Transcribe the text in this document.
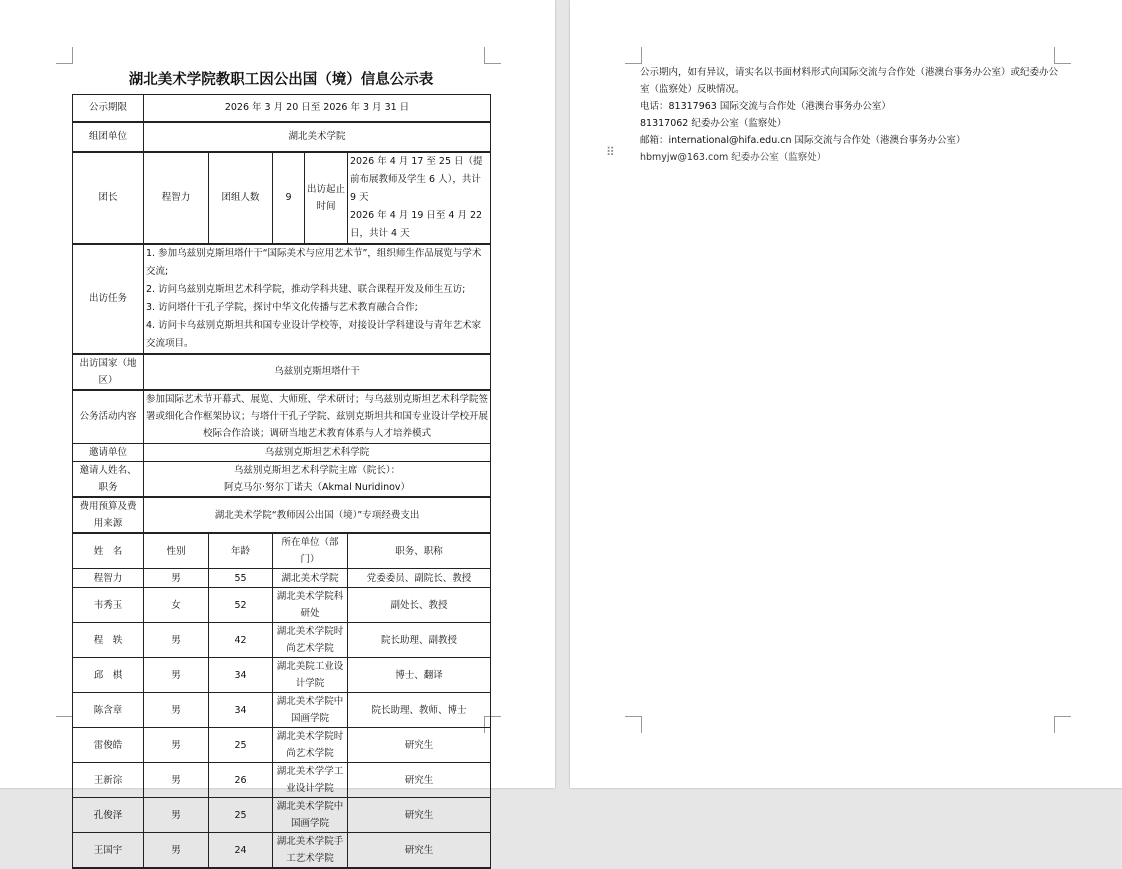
湖北美术学院教职工因公出国（境）信息公示表
公示期限	2026 年 3 月 20 日至 2026 年 3 月 31 日				
组团单位	湖北美术学院				
团长	程智力	团组人数	9	出访起止时间	2026 年 4 月 17 至 25 日（提前布展教师及学生 6 人），共计 9 天
2026 年 4 月 19 日至 4 月 22 日，共计 4 天

出访任务	1. 参加乌兹别克斯坦塔什干“国际美术与应用艺术节”，组织师生作品展览与学术交流;
2. 访问乌兹别克斯坦艺术科学院，推动学科共建、联合课程开发及师生互访;
3. 访问塔什干孔子学院，探讨中华文化传播与艺术教育融合合作;
4. 访问卡乌兹别克斯坦共和国专业设计学校等，对接设计学科建设与青年艺术家交流项目。				

出访国家（地区）	乌兹别克斯坦塔什干				
公务活动内容	参加国际艺术节开幕式、展览、大师班、学术研讨；与乌兹别克斯坦艺术科学院签署或细化合作框架协议；与塔什干孔子学院、兹别克斯坦共和国专业设计学校开展校际合作洽谈；调研当地艺术教育体系与人才培养模式				
邀请单位	乌兹别克斯坦艺术科学院				
邀请人姓名、职务	乌兹别克斯坦艺术科学院主席（院长）：
阿克马尔·努尔丁诺夫（Akmal Nuridinov）				

费用预算及费用来源	湖北美术学院“教师因公出国（境）”专项经费支出				
姓　名	性别	年龄	所在单位（部门）		职务、职称
程智力	男	55	湖北美术学院		党委委员、副院长、教授
韦秀玉	女	52	湖北美术学院科研处		副处长、教授
程　轶	男	42	湖北美术学院时尚艺术学院		院长助理、副教授
邱　棋	男	34	湖北美院工业设计学院		博士、翻译
陈含章	男	34	湖北美术学院中国画学院		院长助理、教师、博士
雷俊皓	男	25	湖北美术学院时尚艺术学院		研究生
王新淙	男	26	湖北美术学学工业设计学院		研究生
孔俊泽	男	25	湖北美术学院中国画学院		研究生
王国宇	男	24	湖北美术学院手工艺术学院		研究生
⠿
公示期内，如有异议，请实名以书面材料形式向国际交流与合作处（港澳台事务办公室）或纪委办公室（监察处）反映情况。
电话：81317963 国际交流与合作处（港澳台事务办公室）
81317062 纪委办公室（监察处）
邮箱：international@hifa.edu.cn 国际交流与合作处（港澳台事务办公室）
hbmyjw@163.com 纪委办公室（监察处）
